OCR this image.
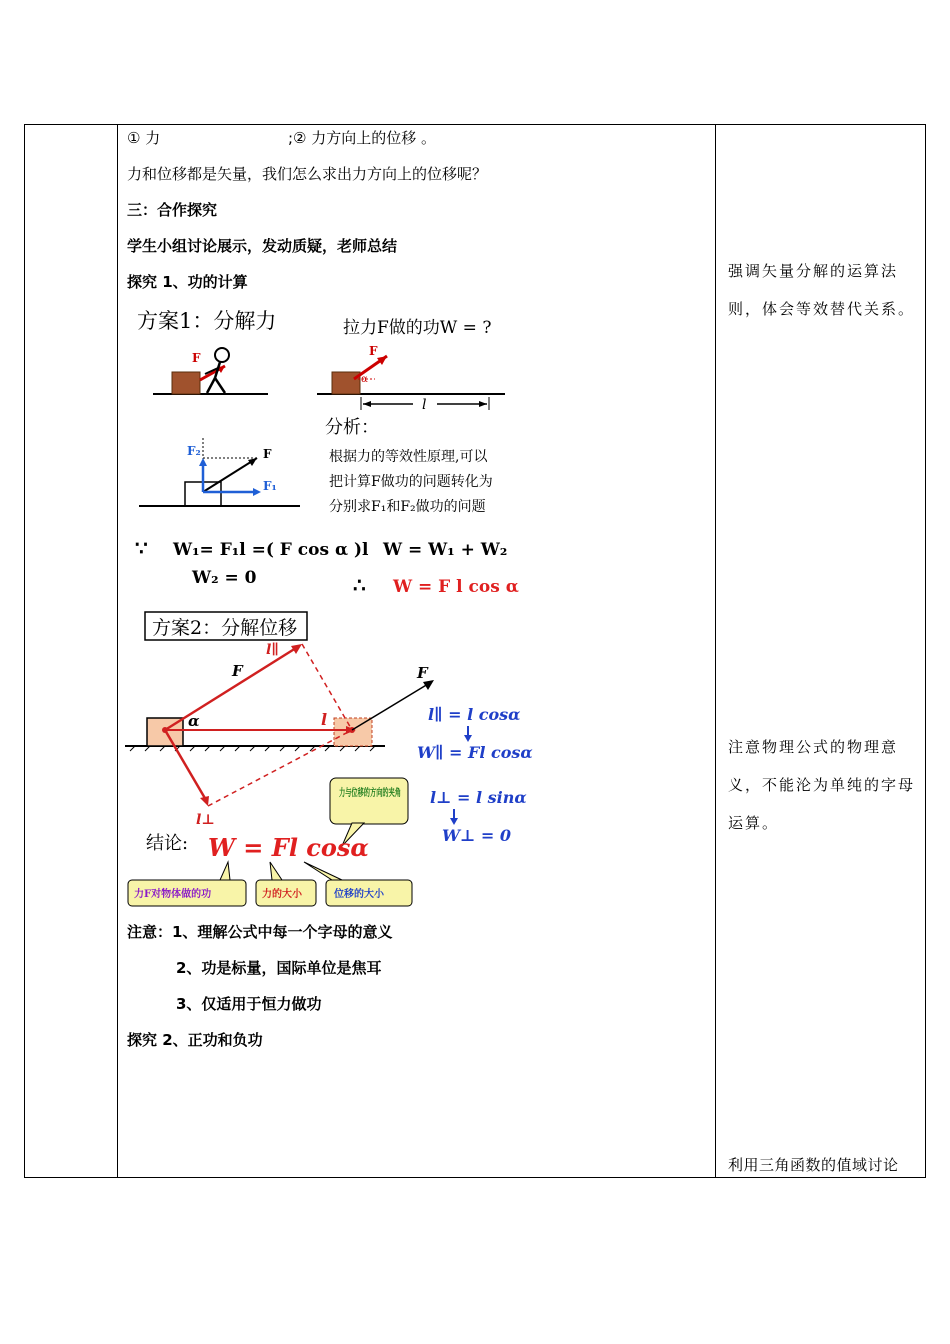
① 力	;② 力方向上的位移 。
力和位移都是矢量，我们怎么求出力方向上的位移呢？
三：合作探究
学生小组讨论展示，发动质疑，老师总结
探究 1、功的计算
方案1：分解力	拉力F做的功W = ?
F	F
α
l
分析：
根据力的等效性原理,可以
把计算F做功的问题转化为
分别求F₁和F₂做功的问题
F
F₂
F₁
∵ W₁= F₁l =( F cos α )l W = W₁ + W₂
W₂ = 0	∴ W = F l cos α
方案2：分解位移
l
l∥
F
l⊥
α
F
l∥ = l cosα
W∥ = Fl cosα
l⊥ = l sinα
W⊥ = 0
力与位移的方向的夹角
结论: W = Fl cosα
力F对物体做的功	力的大小	位移的大小
注意：1、理解公式中每一个字母的意义
2、功是标量，国际单位是焦耳
3、仅适用于恒力做功
探究 2、正功和负功
强调矢量分解的运算法则，体会等效替代关系。
注意物理公式的物理意义，不能沦为单纯的字母运算。
利用三角函数的值域讨论
